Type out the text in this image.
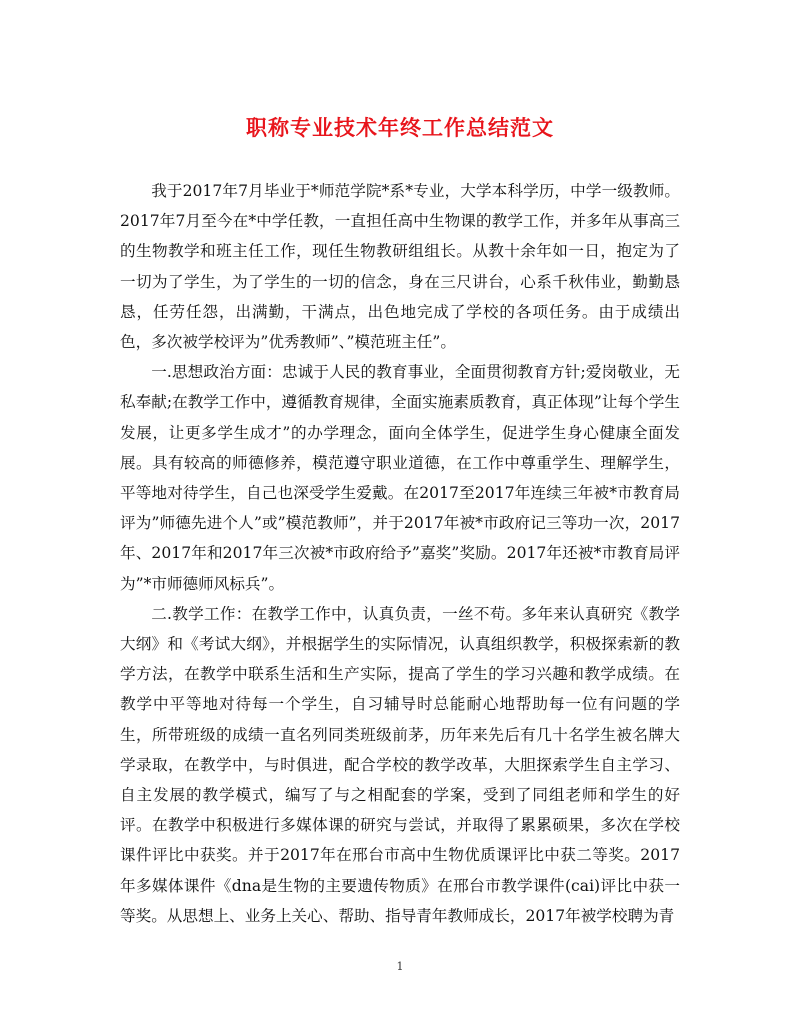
职称专业技术年终工作总结范文

我于2017年7月毕业于*师范学院*系*专业，大学本科学历，中学一级教师。2017年7月至今在*中学任教，一直担任高中生物课的教学工作，并多年从事高三的生物教学和班主任工作，现任生物教研组组长。从教十余年如一日，抱定为了一切为了学生，为了学生的一切的信念，身在三尺讲台，心系千秋伟业，勤勤恳恳，任劳任怨，出满勤，干满点，出色地完成了学校的各项任务。由于成绩出色，多次被学校评为”优秀教师”、”模范班主任”。

一.思想政治方面：忠诚于人民的教育事业，全面贯彻教育方针;爱岗敬业，无私奉献;在教学工作中，遵循教育规律，全面实施素质教育，真正体现”让每个学生发展，让更多学生成才”的办学理念，面向全体学生，促进学生身心健康全面发展。具有较高的师德修养，模范遵守职业道德，在工作中尊重学生、理解学生，平等地对待学生，自己也深受学生爱戴。在2017至2017年连续三年被*市教育局评为”师德先进个人”或”模范教师”，并于2017年被*市政府记三等功一次，2017年、2017年和2017年三次被*市政府给予”嘉奖”奖励。2017年还被*市教育局评为”*市师德师风标兵”。

二.教学工作：在教学工作中，认真负责，一丝不苟。多年来认真研究《教学大纲》和《考试大纲》，并根据学生的实际情况，认真组织教学，积极探索新的教学方法，在教学中联系生活和生产实际，提高了学生的学习兴趣和教学成绩。在教学中平等地对待每一个学生，自习辅导时总能耐心地帮助每一位有问题的学生，所带班级的成绩一直名列同类班级前茅，历年来先后有几十名学生被名牌大学录取，在教学中，与时俱进，配合学校的教学改革，大胆探索学生自主学习、自主发展的教学模式，编写了与之相配套的学案，受到了同组老师和学生的好评。在教学中积极进行多媒体课的研究与尝试，并取得了累累硕果，多次在学校课件评比中获奖。并于2017年在邢台市高中生物优质课评比中获二等奖。2017年多媒体课件《dna是生物的主要遗传物质》在邢台市教学课件(cai)评比中获一等奖。从思想上、业务上关心、帮助、指导青年教师成长，2017年被学校聘为青

1
